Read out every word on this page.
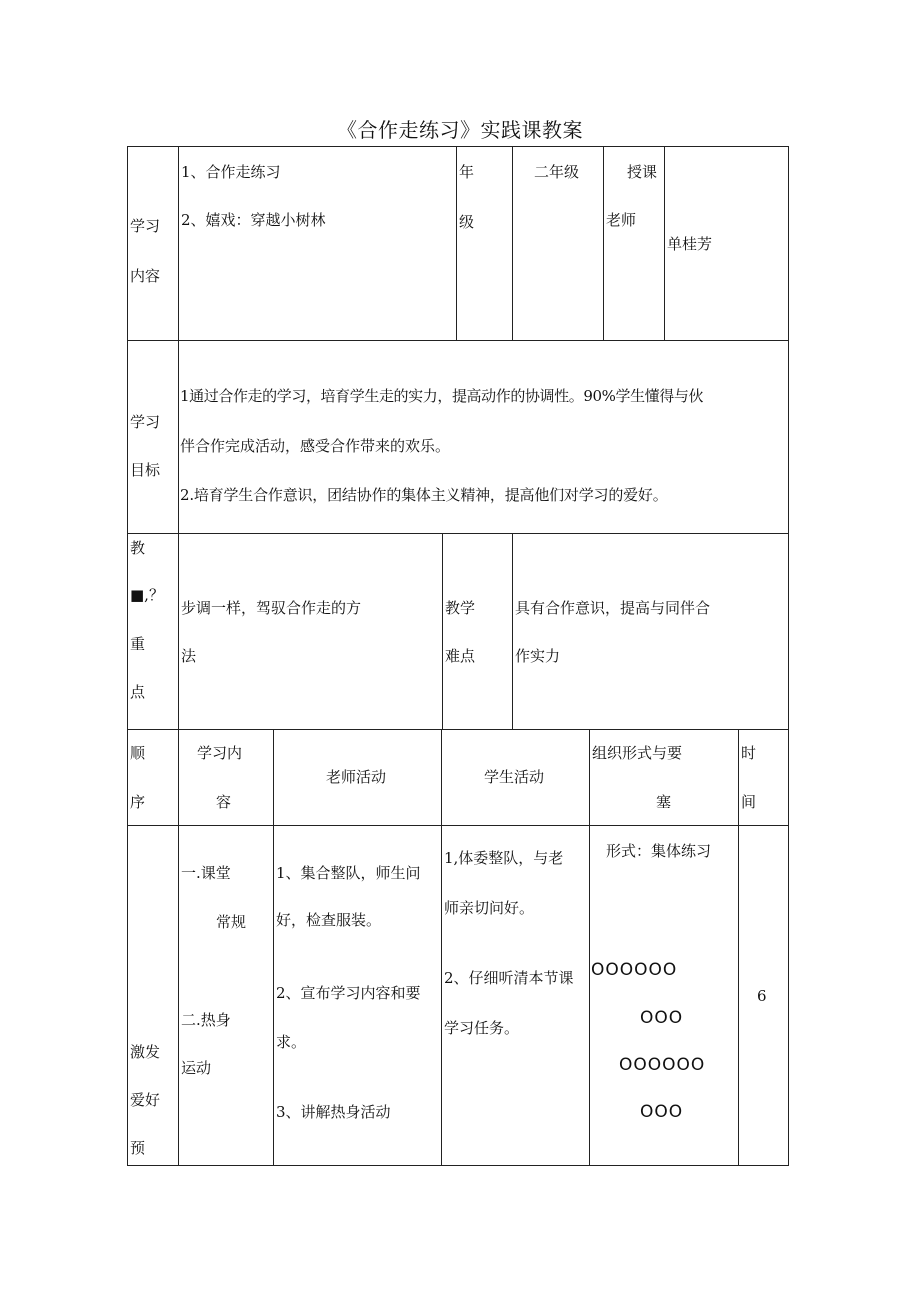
《合作走练习》实践课教案
学习
内容
1、合作走练习
2、嬉戏：穿越小树林
年
级
二年级	授课
老师
单桂芳
学习
目标
1通过合作走的学习，培育学生走的实力，提高动作的协调性。90%学生懂得与伙
伴合作完成活动，感受合作带来的欢乐。
2.培育学生合作意识，团结协作的集体主义精神，提高他们对学习的爱好。
教
■,？
重
点
步调一样，驾驭合作走的方
法
教学
难点
具有合作意识，提高与同伴合
作实力
顺
序
学习内
容
老师活动	学生活动
组织形式与要
塞
时
间
激发
爱好
预
一.课堂
常规
二.热身
运动
1、集合整队，师生问
好，检查服装。
2、宣布学习内容和要
求。
3、讲解热身活动
1,体委整队，与老
师亲切问好。
2、仔细听清本节课
学习任务。
形式：集体练习
OOOOOO
OOO
OOOOOO
OOO
6
